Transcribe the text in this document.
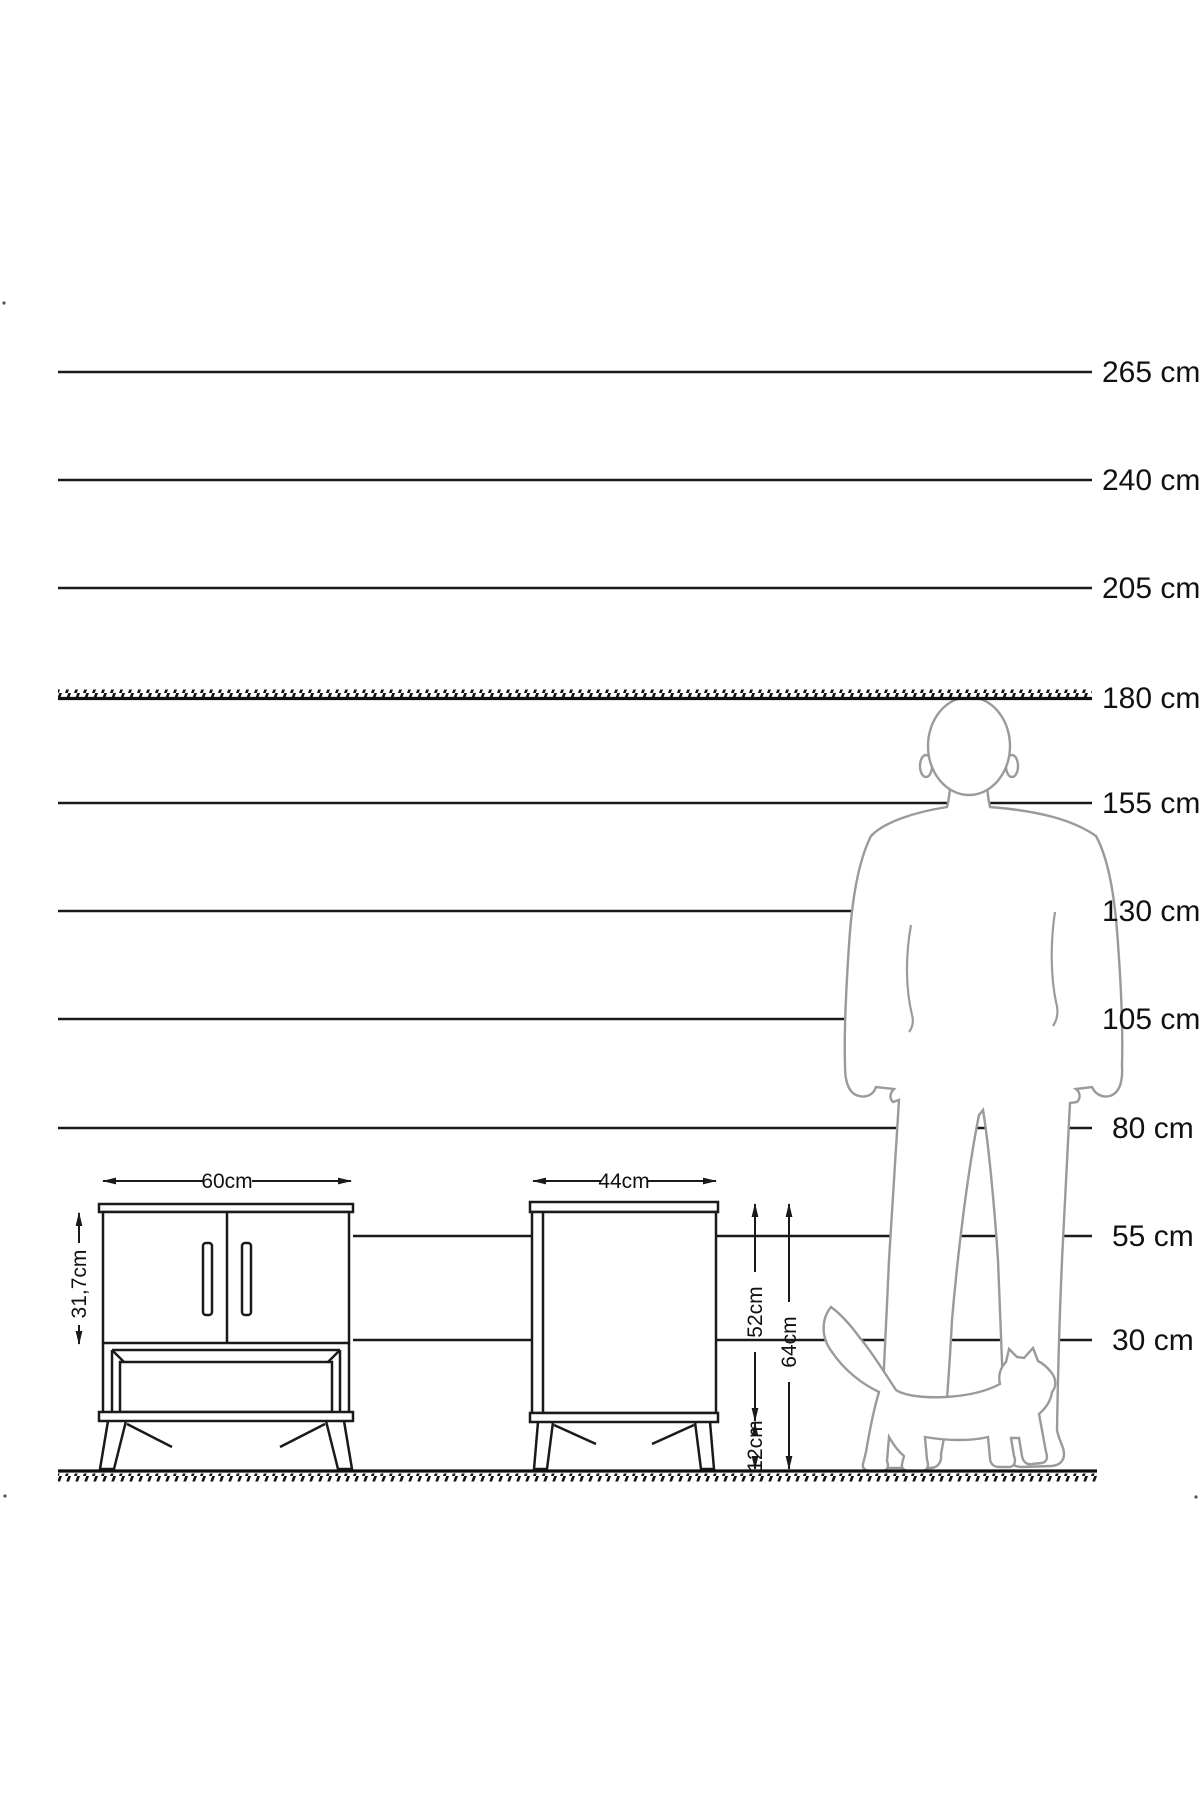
60cm	44cm
31,7cm	52cm
12cm
64cm
265 cm
240 cm
205 cm
180 cm
155 cm
130 cm
105 cm
80 cm
55 cm
30 cm
